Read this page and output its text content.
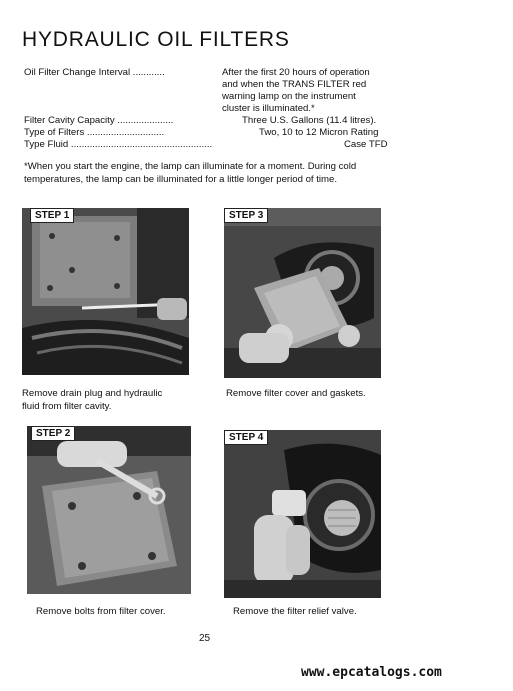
HYDRAULIC OIL FILTERS
Oil Filter Change Interval ............	After the first 20 hours of operation
and when the TRANS FILTER red
warning lamp on the instrument
cluster is illuminated.*
Filter Cavity Capacity .....................	Three U.S. Gallons (11.4 litres).
Type of Filters .............................	Two, 10 to 12 Micron Rating
Type Fluid .....................................................	Case TFD
*When you start the engine, the lamp can illuminate for a moment. During cold
temperatures, the lamp can be illuminated for a little longer period of time.
STEP 1
Remove drain plug and hydraulic
fluid from filter cavity.
STEP 3
Remove filter cover and gaskets.
STEP 2
Remove bolts from filter cover.
STEP 4
Remove the filter relief valve.
25
www.epcatalogs.com
